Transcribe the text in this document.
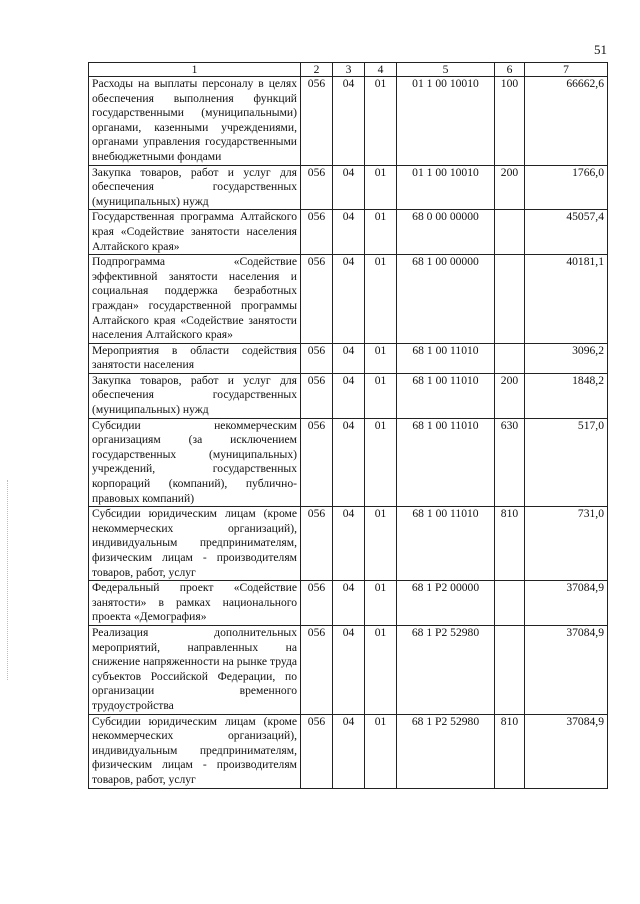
51
1	2	3	4	5	6	7
Расходы на выплаты персоналу в целях обеспечения выполнения функций государственными (муниципальными) органами, казенными учреждениями, органами управления государственными внебюджетными фондами	056	04	01	01 1 00 10010	100	66662,6
Закупка товаров, работ и услуг для обеспечения государственных (муниципальных) нужд	056	04	01	01 1 00 10010	200	1766,0
Государственная программа Алтайского края «Содействие занятости населения Алтайского края»	056	04	01	68 0 00 00000		45057,4
Подпрограмма «Содействие эффективной занятости населения и социальная поддержка безработных граждан» государственной программы Алтайского края «Содействие занятости населения Алтайского края»	056	04	01	68 1 00 00000		40181,1
Мероприятия в области содействия занятости населения	056	04	01	68 1 00 11010		3096,2
Закупка товаров, работ и услуг для обеспечения государственных (муниципальных) нужд	056	04	01	68 1 00 11010	200	1848,2
Субсидии некоммерческим организациям (за исключением государственных (муниципальных) учреждений, государственных корпораций (компаний), публично-правовых компаний)	056	04	01	68 1 00 11010	630	517,0
Субсидии юридическим лицам (кроме некоммерческих организаций), индивидуальным предпринимателям, физическим лицам - производителям товаров, работ, услуг	056	04	01	68 1 00 11010	810	731,0
Федеральный проект «Содействие занятости» в рамках национального проекта «Демография»	056	04	01	68 1 P2 00000		37084,9
Реализация дополнительных мероприятий, направленных на снижение напряженности на рынке труда субъектов Российской Федерации, по организации временного трудоустройства	056	04	01	68 1 P2 52980		37084,9
Субсидии юридическим лицам (кроме некоммерческих организаций), индивидуальным предпринимателям, физическим лицам - производителям товаров, работ, услуг	056	04	01	68 1 P2 52980	810	37084,9
